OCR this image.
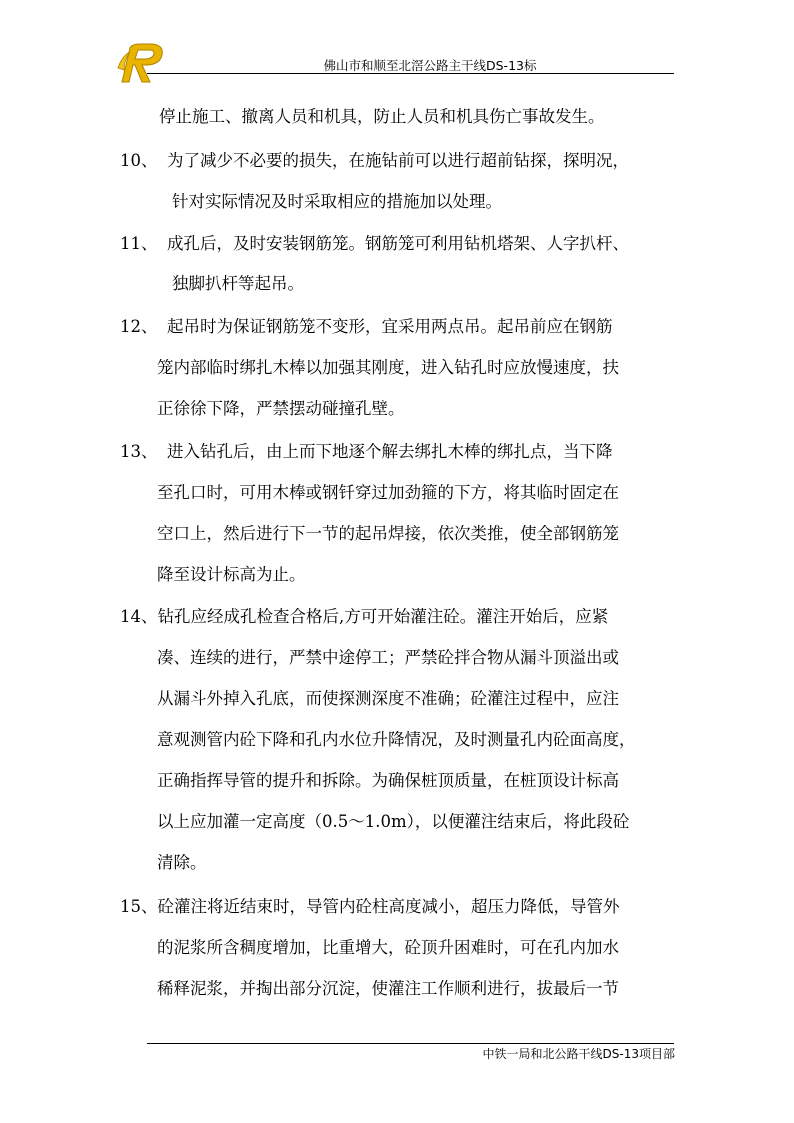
佛山市和顺至北滘公路主干线DS-13标
停止施工、撤离人员和机具，防止人员和机具伤亡事故发生。
10、 为了减少不必要的损失，在施钻前可以进行超前钻探，探明况，
针对实际情况及时采取相应的措施加以处理。
11、 成孔后，及时安装钢筋笼。钢筋笼可利用钻机塔架、人字扒杆、
独脚扒杆等起吊。
12、 起吊时为保证钢筋笼不变形，宜采用两点吊。起吊前应在钢筋
笼内部临时绑扎木棒以加强其刚度，进入钻孔时应放慢速度，扶
正徐徐下降，严禁摆动碰撞孔壁。
13、 进入钻孔后，由上而下地逐个解去绑扎木棒的绑扎点，当下降
至孔口时，可用木棒或钢钎穿过加劲箍的下方，将其临时固定在
空口上，然后进行下一节的起吊焊接，依次类推，使全部钢筋笼
降至设计标高为止。
14、钻孔应经成孔检查合格后,方可开始灌注砼。灌注开始后，应紧
凑、连续的进行，严禁中途停工；严禁砼拌合物从漏斗顶溢出或
从漏斗外掉入孔底，而使探测深度不准确；砼灌注过程中，应注
意观测管内砼下降和孔内水位升降情况，及时测量孔内砼面高度，
正确指挥导管的提升和拆除。为确保桩顶质量，在桩顶设计标高
以上应加灌一定高度（0.5～1.0m），以便灌注结束后，将此段砼
清除。
15、砼灌注将近结束时，导管内砼柱高度减小，超压力降低，导管外
的泥浆所含稠度增加，比重增大，砼顶升困难时，可在孔内加水
稀释泥浆，并掏出部分沉淀，使灌注工作顺利进行，拔最后一节
中铁一局和北公路干线DS-13项目部
